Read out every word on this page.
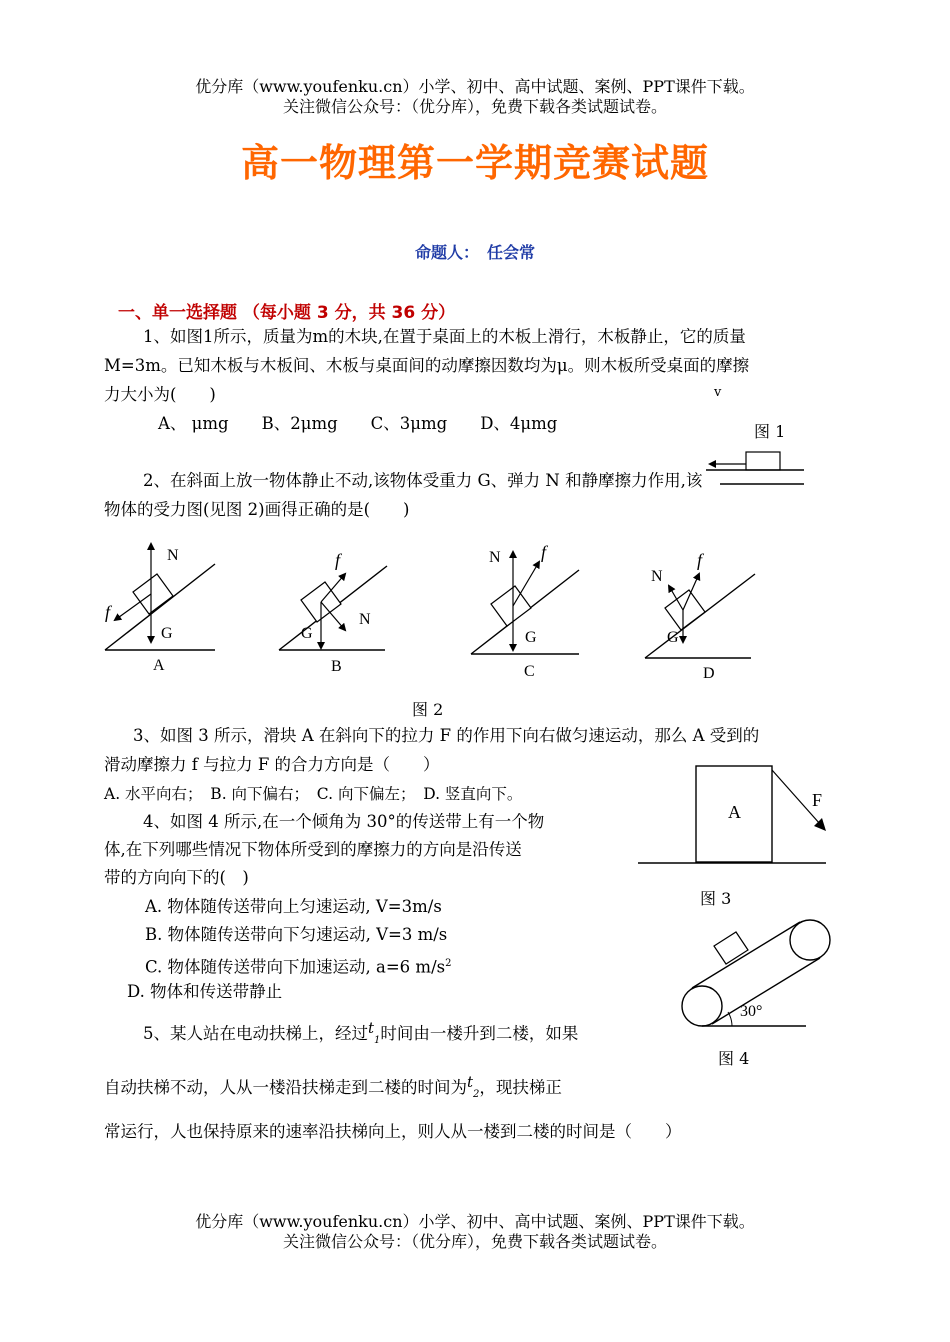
优分库（www.youfenku.cn）小学、初中、高中试题、案例、PPT课件下载。
关注微信公众号：（优分库），免费下载各类试题试卷。
高一物理第一学期竞赛试题
命题人：　任会常
一、单一选择题 （每小题 3 分，共 36 分）
1、如图1所示，质量为m的木块,在置于桌面上的木板上滑行，木板静止，它的质量
M=3m。已知木板与木板间、木板与桌面间的动摩擦因数均为μ。则木板所受桌面的摩擦
力大小为(　　)
A、 μmg　　B、2μmg　　C、3μmg　　D、4μmg
v
图 1
2、在斜面上放一物体静止不动,该物体受重力 G、弹力 N 和静摩擦力作用,该
物体的受力图(见图 2)画得正确的是(　　)
N
f
G
A
f
N
G
B
N f
G
C
N
f
G
D
图 2
3、如图 3 所示，滑块 A 在斜向下的拉力 F 的作用下向右做匀速运动，那么 A 受到的
滑动摩擦力 f 与拉力 F 的合力方向是（　　）
A. 水平向右；　B. 向下偏右；　C. 向下偏左；　D. 竖直向下。
A
F
图 3
4、如图 4 所示,在一个倾角为 30°的传送带上有一个物
体,在下列哪些情况下物体所受到的摩擦力的方向是沿传送
带的方向向下的(　)
A. 物体随传送带向上匀速运动, V=3m/s
B. 物体随传送带向下匀速运动, V=3 m/s
C. 物体随传送带向下加速运动, a=6 $m/s^2$
D. 物体和传送带静止
30°
图 4
5、某人站在电动扶梯上，经过$^t_1$时间由一楼升到二楼，如果
自动扶梯不动，人从一楼沿扶梯走到二楼的时间为$^t_2$，现扶梯正
常运行，人也保持原来的速率沿扶梯向上，则人从一楼到二楼的时间是（　　）
优分库（www.youfenku.cn）小学、初中、高中试题、案例、PPT课件下载。
关注微信公众号：（优分库），免费下载各类试题试卷。
